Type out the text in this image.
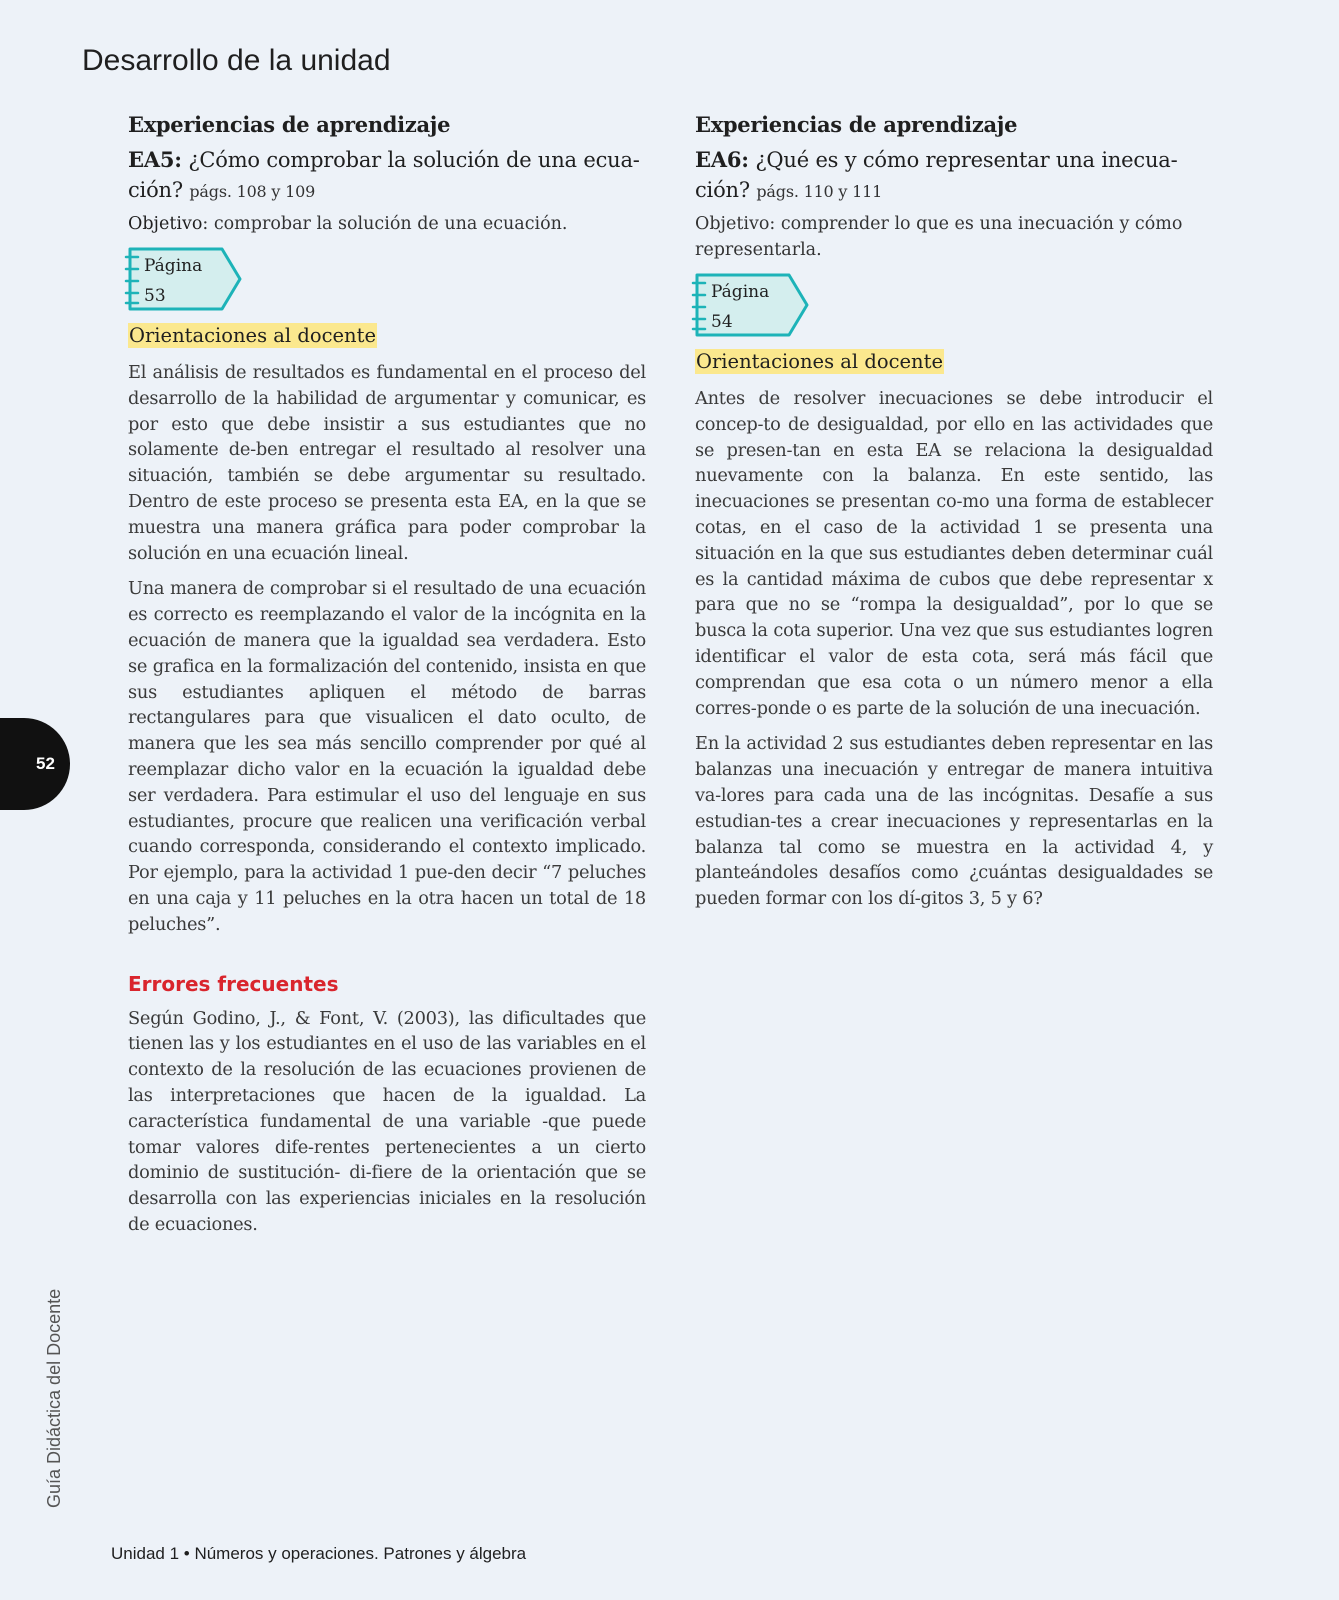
Desarrollo de la unidad
Experiencias de aprendizaje
EA5: ¿Cómo comprobar la solución de una ecua-ción? págs. 108 y 109
Objetivo: comprobar la solución de una ecuación.
Página
53
Orientaciones al docente

El análisis de resultados es fundamental en el proceso del desarrollo de la habilidad de argumentar y comunicar, es por esto que debe insistir a sus estudiantes que no solamente de-ben entregar el resultado al resolver una situación, también se debe argumentar su resultado. Dentro de este proceso se presenta esta EA, en la que se muestra una manera gráfica para poder comprobar la solución en una ecuación lineal.

Una manera de comprobar si el resultado de una ecuación es correcto es reemplazando el valor de la incógnita en la ecuación de manera que la igualdad sea verdadera. Esto se grafica en la formalización del contenido, insista en que sus estudiantes apliquen el método de barras rectangulares para que visualicen el dato oculto, de manera que les sea más sencillo comprender por qué al reemplazar dicho valor en la ecuación la igualdad debe ser verdadera. Para estimular el uso del lenguaje en sus estudiantes, procure que realicen una verificación verbal cuando corresponda, considerando el contexto implicado. Por ejemplo, para la actividad 1 pue-den decir “7 peluches en una caja y 11 peluches en la otra hacen un total de 18 peluches”.

Errores frecuentes

Según Godino, J., & Font, V. (2003), las dificultades que tienen las y los estudiantes en el uso de las variables en el contexto de la resolución de las ecuaciones provienen de las interpretaciones que hacen de la igualdad. La característica fundamental de una variable -que puede tomar valores dife-rentes pertenecientes a un cierto dominio de sustitución- di-fiere de la orientación que se desarrolla con las experiencias iniciales en la resolución de ecuaciones.

Experiencias de aprendizaje
EA6: ¿Qué es y cómo representar una inecua-ción? págs. 110 y 111
Objetivo: comprender lo que es una inecuación y cómo representarla.
Página
54
Orientaciones al docente

Antes de resolver inecuaciones se debe introducir el concep-to de desigualdad, por ello en las actividades que se presen-tan en esta EA se relaciona la desigualdad nuevamente con la balanza. En este sentido, las inecuaciones se presentan co-mo una forma de establecer cotas, en el caso de la actividad 1 se presenta una situación en la que sus estudiantes deben determinar cuál es la cantidad máxima de cubos que debe representar x para que no se “rompa la desigualdad”, por lo que se busca la cota superior. Una vez que sus estudiantes logren identificar el valor de esta cota, será más fácil que comprendan que esa cota o un número menor a ella corres-ponde o es parte de la solución de una inecuación.

En la actividad 2 sus estudiantes deben representar en las balanzas una inecuación y entregar de manera intuitiva va-lores para cada una de las incógnitas. Desafíe a sus estudian-tes a crear inecuaciones y representarlas en la balanza tal como se muestra en la actividad 4, y planteándoles desafíos como ¿cuántas desigualdades se pueden formar con los dí-gitos 3, 5 y 6?

52
Guía Didáctica del Docente
Unidad 1 • Números y operaciones. Patrones y álgebra
